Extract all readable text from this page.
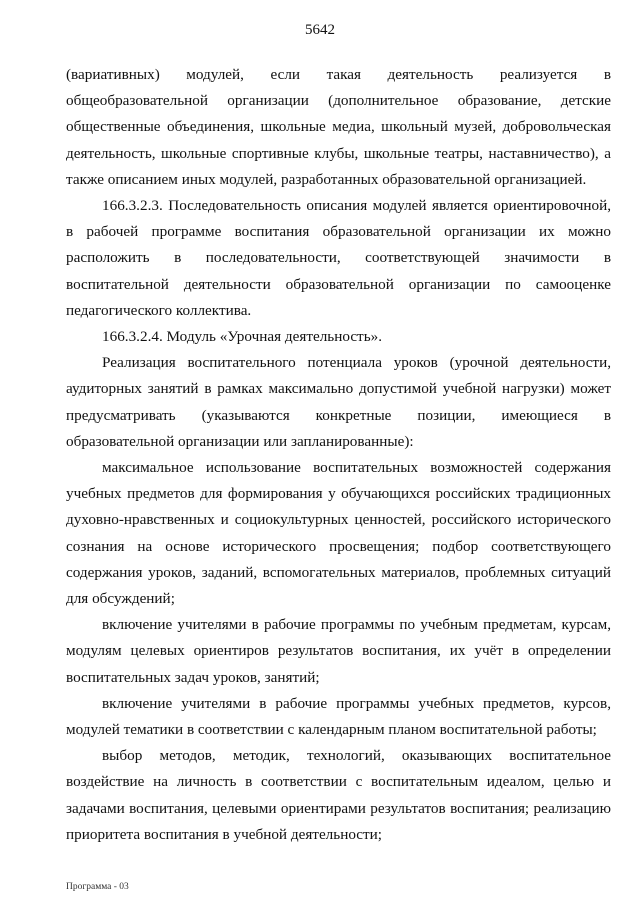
5642

(вариативных) модулей, если такая деятельность реализуется в общеобразовательной организации (дополнительное образование, детские общественные объединения, школьные медиа, школьный музей, добровольческая деятельность, школьные спортивные клубы, школьные театры, наставничество), а также описанием иных модулей, разработанных образовательной организацией.

166.3.2.3. Последовательность описания модулей является ориентировочной, в рабочей программе воспитания образовательной организации их можно расположить в последовательности, соответствующей значимости в воспитательной деятельности образовательной организации по самооценке педагогического коллектива.

166.3.2.4. Модуль «Урочная деятельность».

Реализация воспитательного потенциала уроков (урочной деятельности, аудиторных занятий в рамках максимально допустимой учебной нагрузки) может предусматривать (указываются конкретные позиции, имеющиеся в образовательной организации или запланированные):

максимальное использование воспитательных возможностей содержания учебных предметов для формирования у обучающихся российских традиционных духовно-нравственных и социокультурных ценностей, российского исторического сознания на основе исторического просвещения; подбор соответствующего содержания уроков, заданий, вспомогательных материалов, проблемных ситуаций для обсуждений;

включение учителями в рабочие программы по учебным предметам, курсам, модулям целевых ориентиров результатов воспитания, их учёт в определении воспитательных задач уроков, занятий;

включение учителями в рабочие программы учебных предметов, курсов, модулей тематики в соответствии с календарным планом воспитательной работы;

выбор методов, методик, технологий, оказывающих воспитательное воздействие на личность в соответствии с воспитательным идеалом, целью и задачами воспитания, целевыми ориентирами результатов воспитания; реализацию приоритета воспитания в учебной деятельности;

Программа - 03
